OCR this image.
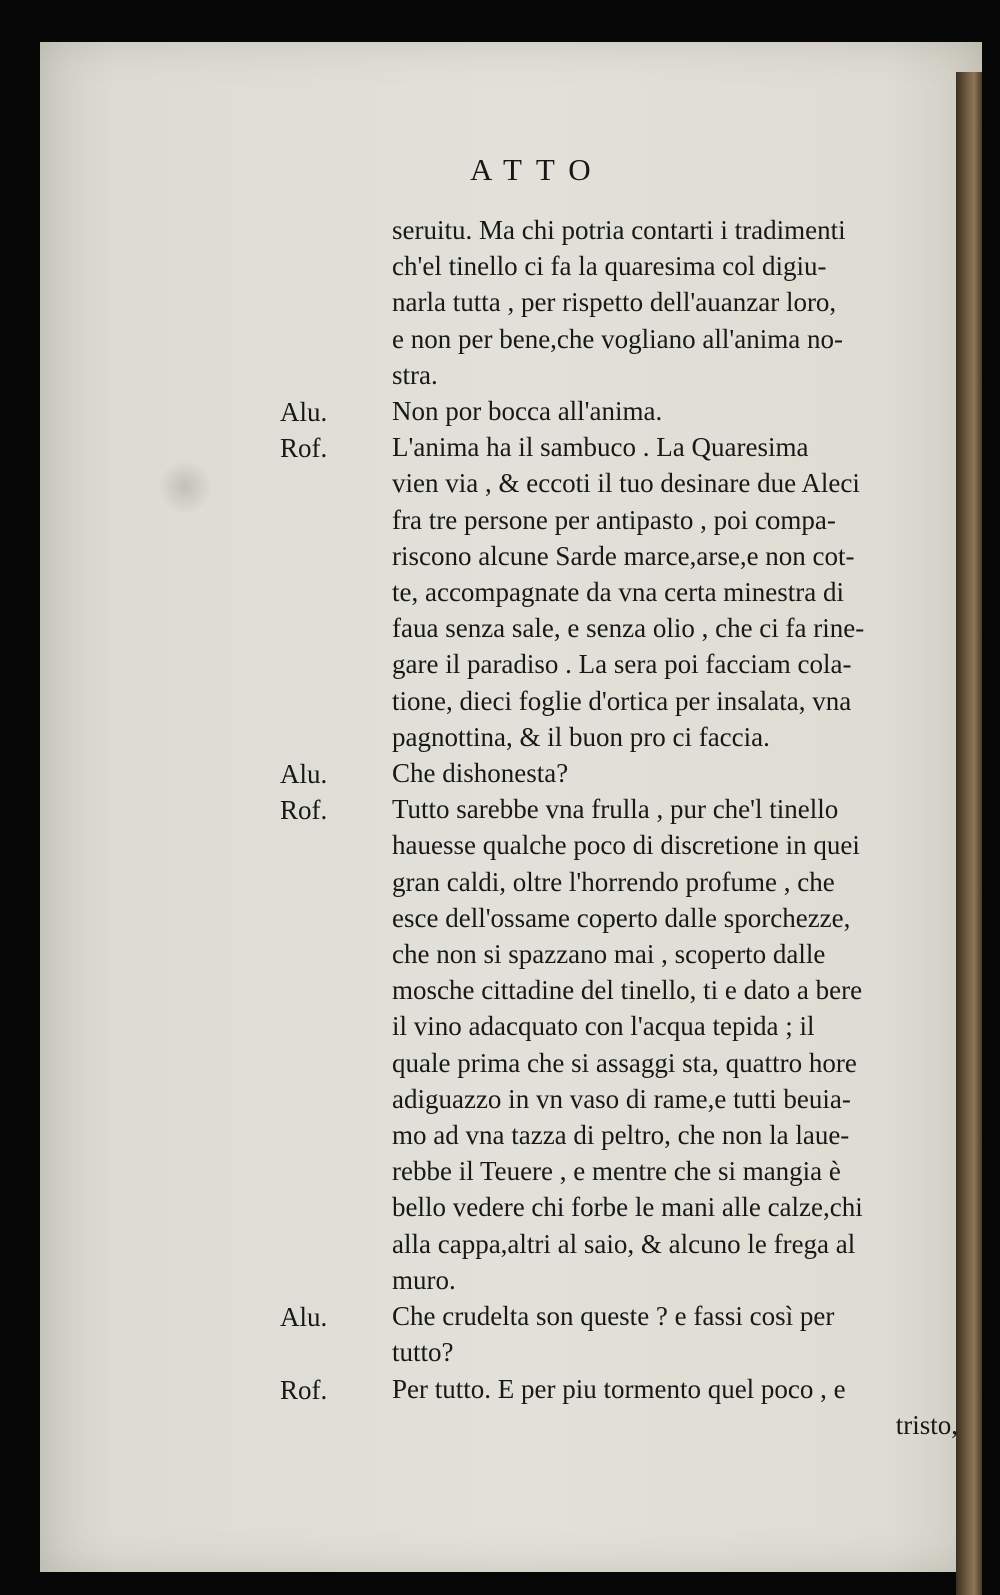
ATTO
seruitu. Ma chi potria contarti i tradimenti
ch'el tinello ci fa la quaresima col digiu-
narla tutta , per rispetto dell'auanzar loro,
e non per bene,che vogliano all'anima no-
stra.
Alu.	Non por bocca all'anima.
Rof.	L'anima ha il sambuco . La Quaresima
vien via , & eccoti il tuo desinare due Aleci
fra tre persone per antipasto , poi compa-
riscono alcune Sarde marce,arse,e non cot-
te, accompagnate da vna certa minestra di
faua senza sale, e senza olio , che ci fa rine-
gare il paradiso . La sera poi facciam cola-
tione, dieci foglie d'ortica per insalata, vna
pagnottina, & il buon pro ci faccia.
Alu.	Che dishonesta?
Rof.	Tutto sarebbe vna frulla , pur che'l tinello
hauesse qualche poco di discretione in quei
gran caldi, oltre l'horrendo profume , che
esce dell'ossame coperto dalle sporchezze,
che non si spazzano mai , scoperto dalle
mosche cittadine del tinello, ti e dato a bere
il vino adacquato con l'acqua tepida ; il
quale prima che si assaggi sta, quattro hore
adiguazzo in vn vaso di rame,e tutti beuia-
mo ad vna tazza di peltro, che non la laue-
rebbe il Teuere , e mentre che si mangia è
bello vedere chi forbe le mani alle calze,chi
alla cappa,altri al saio, & alcuno le frega al
muro.
Alu.	Che crudelta son queste ? e fassi così per
tutto?
Rof.	Per tutto. E per piu tormento quel poco , e
tristo,
